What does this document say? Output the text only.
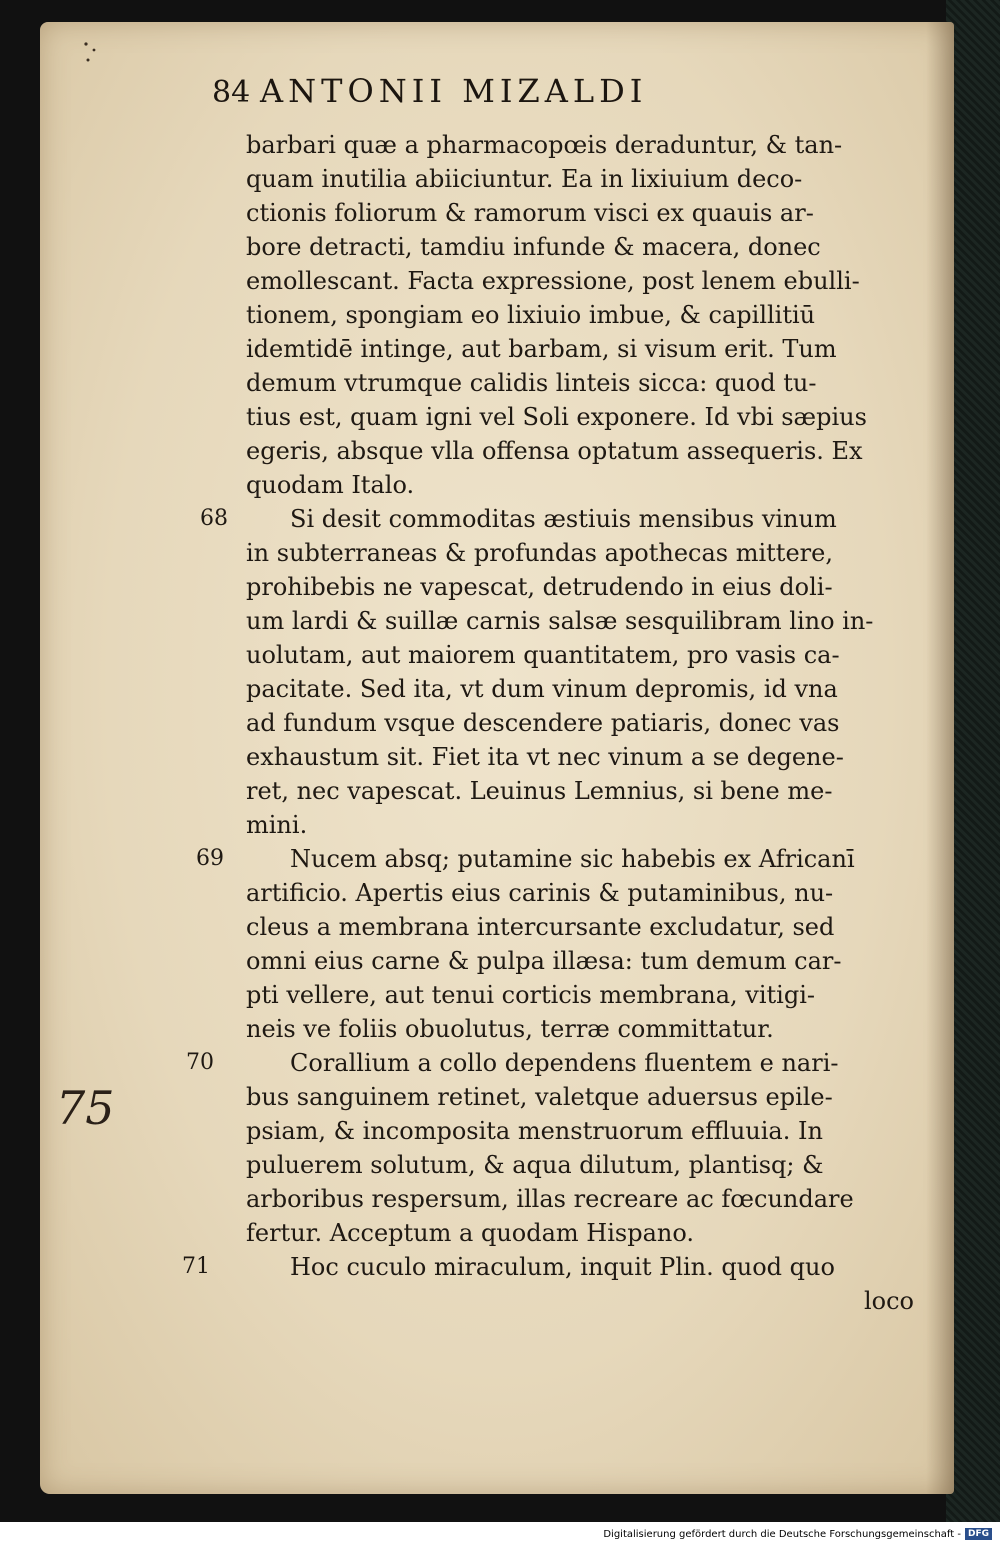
84 ANTONII MIZALDI
barbari quæ a pharmacopœis deraduntur, & tan-
quam inutilia abiiciuntur. Ea in lixiuium deco-
ctionis foliorum & ramorum visci ex quauis ar-
bore detracti, tamdiu infunde & macera, donec
emollescant. Facta expressione, post lenem ebulli-
tionem, spongiam eo lixiuio imbue, & capillitiū
idemtidē intinge, aut barbam, si visum erit. Tum
demum vtrumque calidis linteis sicca: quod tu-
tius est, quam igni vel Soli exponere. Id vbi sæpius
egeris, absque vlla offensa optatum assequeris. Ex
quodam Italo.
Si desit commoditas æstiuis mensibus vinum
in subterraneas & profundas apothecas mittere,
prohibebis ne vapescat, detrudendo in eius doli-
um lardi & suillæ carnis salsæ sesquilibram lino in-
uolutam, aut maiorem quantitatem, pro vasis ca-
pacitate. Sed ita, vt dum vinum depromis, id vna
ad fundum vsque descendere patiaris, donec vas
exhaustum sit. Fiet ita vt nec vinum a se degene-
ret, nec vapescat. Leuinus Lemnius, si bene me-
mini.
Nucem absq; putamine sic habebis ex Africanī
artificio. Apertis eius carinis & putaminibus, nu-
cleus a membrana intercursante excludatur, sed
omni eius carne & pulpa illæsa: tum demum car-
pti vellere, aut tenui corticis membrana, vitigi-
neis ve foliis obuolutus, terræ committatur.
Corallium a collo dependens fluentem e nari-
bus sanguinem retinet, valetque aduersus epile-
psiam, & incomposita menstruorum effluuia. In
puluerem solutum, & aqua dilutum, plantisq; &
arboribus respersum, illas recreare ac fœcundare
fertur. Acceptum a quodam Hispano.
Hoc cuculo miraculum, inquit Plin. quod quo
loco
68
69
70
71
75
Digitalisierung gefördert durch die Deutsche Forschungsgemeinschaft - DFG
